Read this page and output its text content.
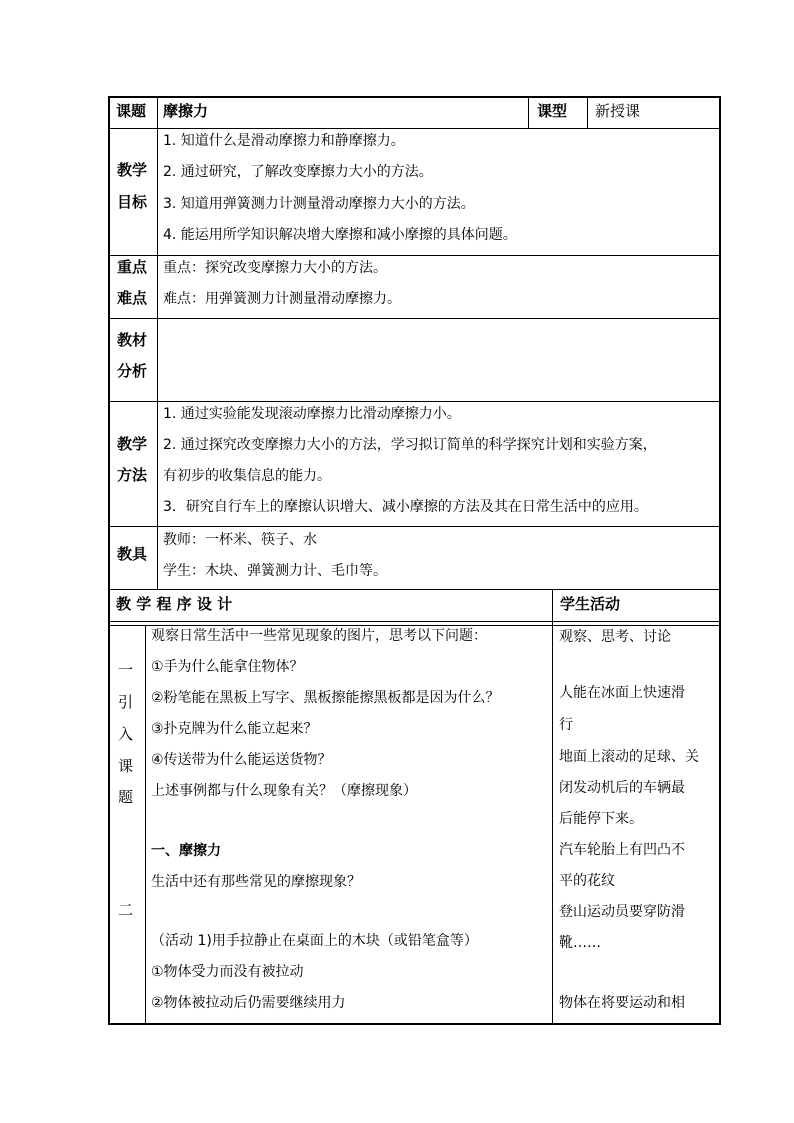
课题 摩擦力	课型 新授课
教学
目标
1. 知道什么是滑动摩擦力和静摩擦力。
2. 通过研究，了解改变摩擦力大小的方法。
3. 知道用弹簧测力计测量滑动摩擦力大小的方法。
4. 能运用所学知识解决增大摩擦和减小摩擦的具体问题。
重点
难点
重点：探究改变摩擦力大小的方法。
难点：用弹簧测力计测量滑动摩擦力。
教材
分析
教学
方法
1. 通过实验能发现滚动摩擦力比滑动摩擦力小。
2. 通过探究改变摩擦力大小的方法，学习拟订简单的科学探究计划和实验方案，
有初步的收集信息的能力。
3．研究自行车上的摩擦认识增大、减小摩擦的方法及其在日常生活中的应用。
教具
教师：一杯米、筷子、水
学生：木块、弹簧测力计、毛巾等。
教 学 程 序 设 计	学生活动
一
引
入
课
题
二
观察日常生活中一些常见现象的图片，思考以下问题：
①手为什么能拿住物体？
②粉笔能在黑板上写字、黑板擦能擦黑板都是因为什么？
③扑克牌为什么能立起来？
④传送带为什么能运送货物？
上述事例都与什么现象有关？（摩擦现象）
一、摩擦力
生活中还有那些常见的摩擦现象？
（活动 1)用手拉静止在桌面上的木块（或铅笔盒等）
①物体受力而没有被拉动
②物体被拉动后仍需要继续用力
观察、思考、讨论
人能在冰面上快速滑
行
地面上滚动的足球、关
闭发动机后的车辆最
后能停下来。
汽车轮胎上有凹凸不
平的花纹
登山运动员要穿防滑
靴……
物体在将要运动和相
